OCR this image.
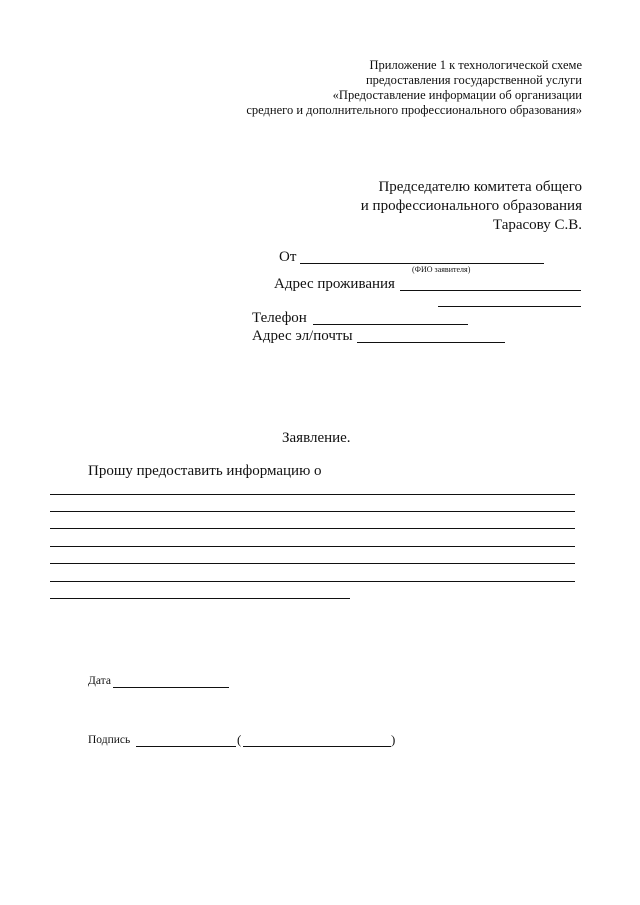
Приложение 1 к технологической схеме
предоставления государственной услуги
«Предоставление информации об организации
среднего и дополнительного профессионального образования»
Председателю комитета общего
и профессионального образования
Тарасову С.В.
От
(ФИО заявителя)
Адрес проживания
Телефон
Адрес эл/почты
Заявление.
Прошу предоставить информацию о
Дата
Подпись	(	)
